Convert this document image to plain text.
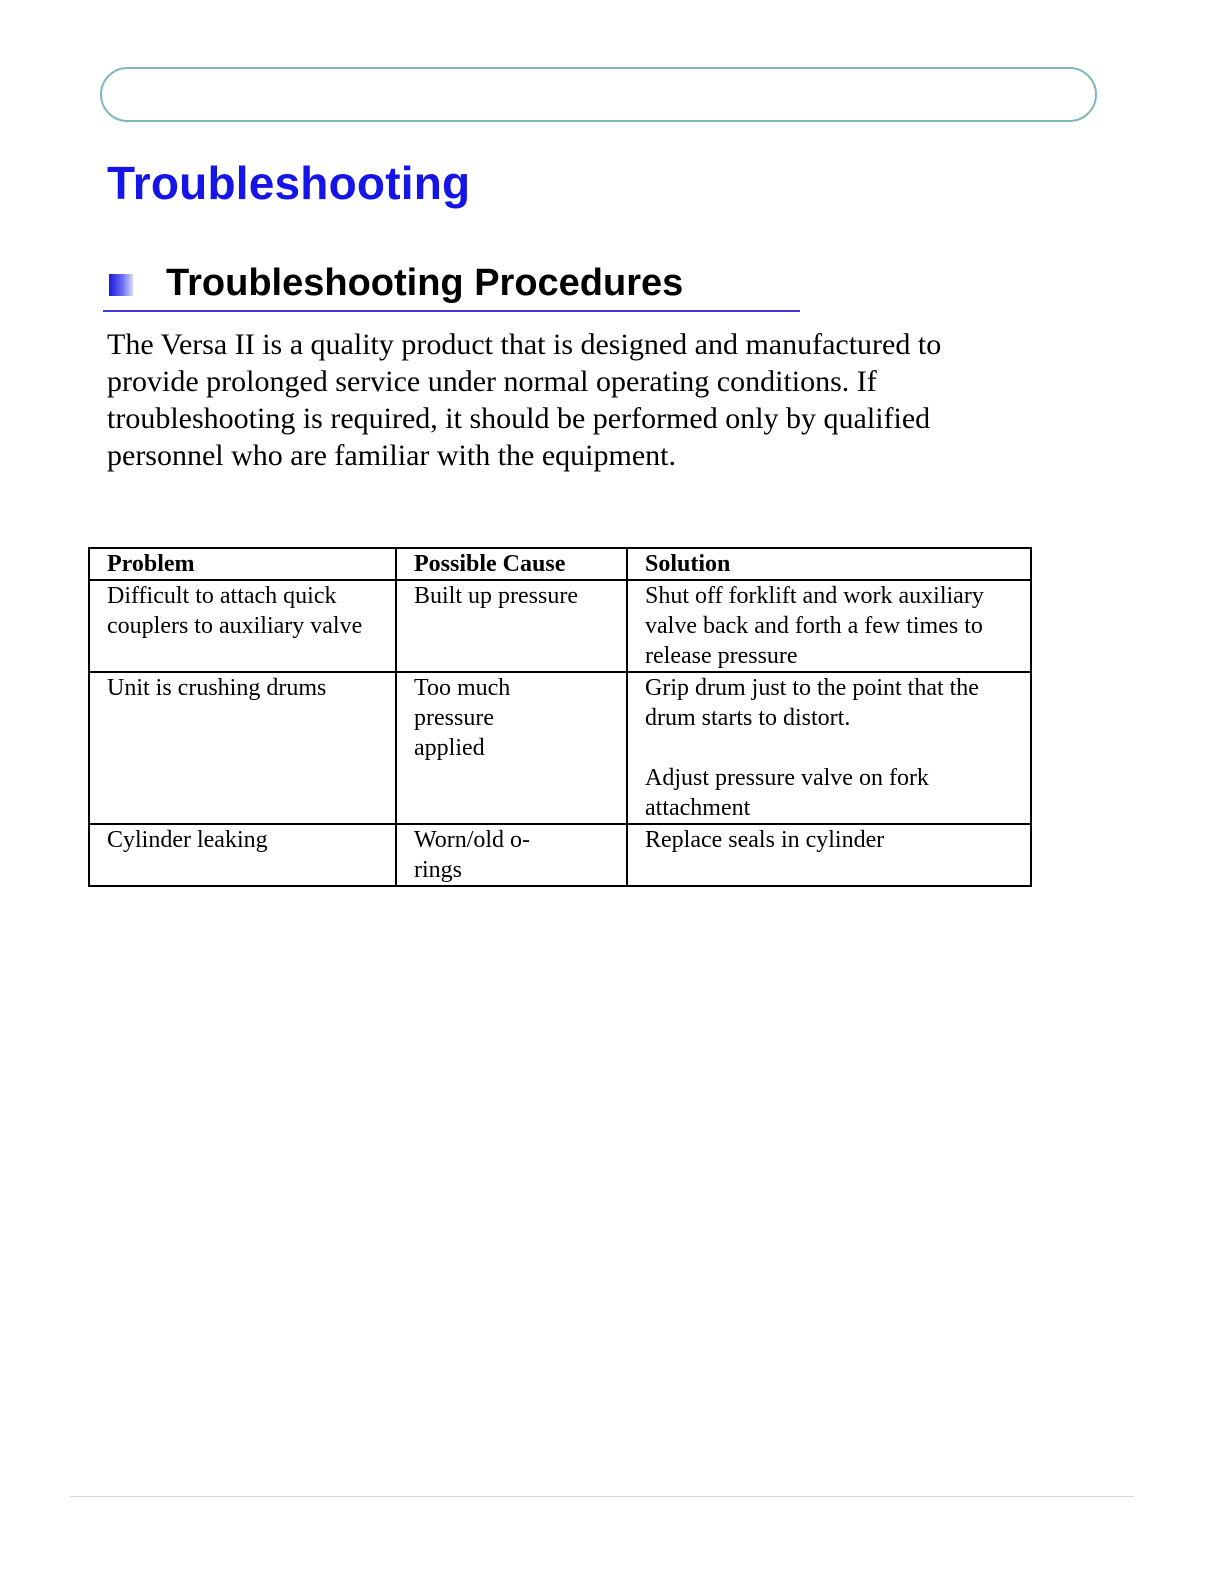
Troubleshooting
Troubleshooting Procedures

The Versa II is a quality product that is designed and manufactured to provide prolonged service under normal operating conditions. If troubleshooting is required, it should be performed only by qualified personnel who are familiar with the equipment.

Problem	Possible Cause	Solution
Difficult to attach quick couplers to auxiliary valve	Built up pressure	Shut off forklift and work auxiliary valve back and forth a few times to release pressure

Unit is crushing drums	Too much pressure applied	Grip drum just to the point that the drum starts to distort.
Adjust pressure valve on fork attachment

Cylinder leaking	Worn/old o-rings	Replace seals in cylinder
